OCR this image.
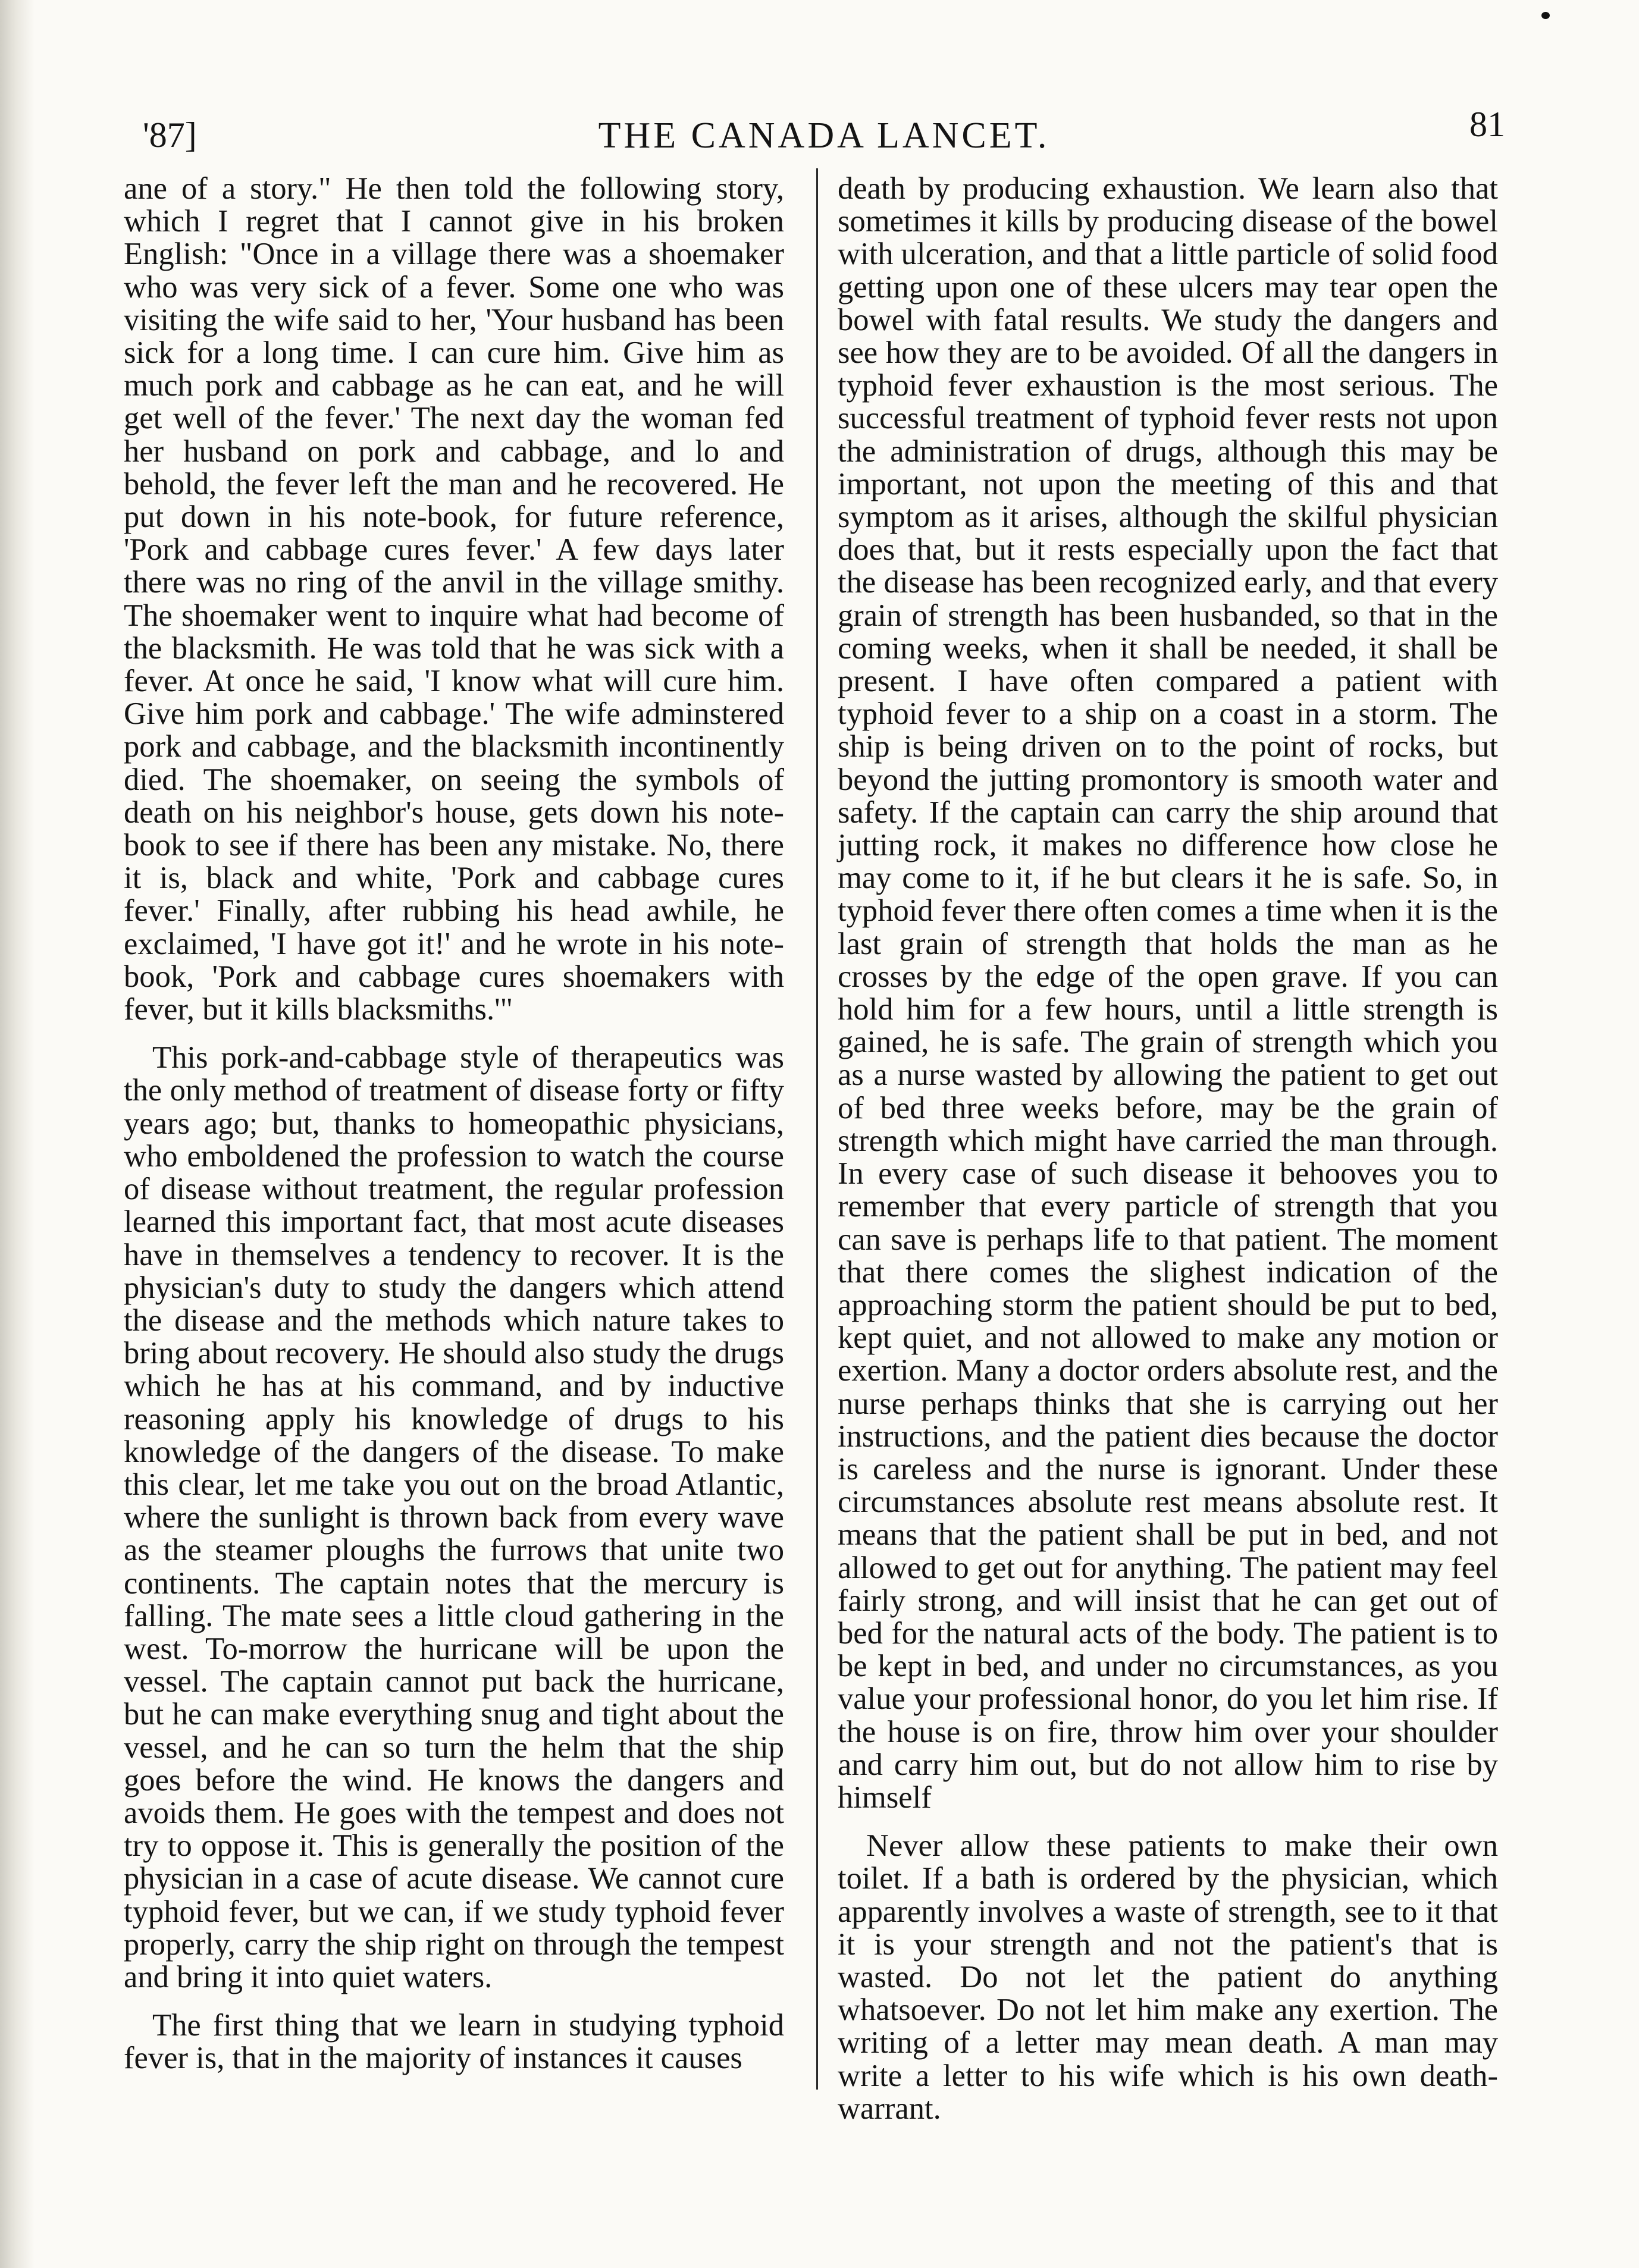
'87]	THE CANADA LANCET.	81

ane of a story." He then told the following story, which I regret that I cannot give in his broken English: "Once in a village there was a shoemaker who was very sick of a fever. Some one who was visiting the wife said to her, 'Your husband has been sick for a long time. I can cure him. Give him as much pork and cabbage as he can eat, and he will get well of the fever.' The next day the woman fed her husband on pork and cabbage, and lo and behold, the fever left the man and he recovered. He put down in his note-book, for future reference, 'Pork and cabbage cures fever.' A few days later there was no ring of the anvil in the village smithy. The shoemaker went to inquire what had become of the blacksmith. He was told that he was sick with a fever. At once he said, 'I know what will cure him. Give him pork and cabbage.' The wife adminstered pork and cabbage, and the blacksmith incontinently died. The shoemaker, on seeing the symbols of death on his neighbor's house, gets down his note-book to see if there has been any mistake. No, there it is, black and white, 'Pork and cabbage cures fever.' Finally, after rubbing his head awhile, he exclaimed, 'I have got it!' and he wrote in his note-book, 'Pork and cabbage cures shoemakers with fever, but it kills blacksmiths.'"

This pork-and-cabbage style of therapeutics was the only method of treatment of disease forty or fifty years ago; but, thanks to homeopathic physicians, who emboldened the profession to watch the course of disease without treatment, the regular profession learned this important fact, that most acute diseases have in themselves a tendency to recover. It is the physician's duty to study the dangers which attend the disease and the methods which nature takes to bring about recovery. He should also study the drugs which he has at his command, and by inductive reasoning apply his knowledge of drugs to his knowledge of the dangers of the disease. To make this clear, let me take you out on the broad Atlantic, where the sunlight is thrown back from every wave as the steamer ploughs the furrows that unite two continents. The captain notes that the mercury is falling. The mate sees a little cloud gathering in the west. To-morrow the hurricane will be upon the vessel. The captain cannot put back the hurricane, but he can make everything snug and tight about the vessel, and he can so turn the helm that the ship goes before the wind. He knows the dangers and avoids them. He goes with the tempest and does not try to oppose it. This is generally the position of the physician in a case of acute disease. We cannot cure typhoid fever, but we can, if we study typhoid fever properly, carry the ship right on through the tempest and bring it into quiet waters.

The first thing that we learn in studying typhoid fever is, that in the majority of instances it causes

death by producing exhaustion. We learn also that sometimes it kills by producing disease of the bowel with ulceration, and that a little particle of solid food getting upon one of these ulcers may tear open the bowel with fatal results. We study the dangers and see how they are to be avoided. Of all the dangers in typhoid fever exhaustion is the most serious. The successful treatment of typhoid fever rests not upon the administration of drugs, although this may be important, not upon the meeting of this and that symptom as it arises, although the skilful physician does that, but it rests especially upon the fact that the disease has been recognized early, and that every grain of strength has been husbanded, so that in the coming weeks, when it shall be needed, it shall be present. I have often compared a patient with typhoid fever to a ship on a coast in a storm. The ship is being driven on to the point of rocks, but beyond the jutting promontory is smooth water and safety. If the captain can carry the ship around that jutting rock, it makes no difference how close he may come to it, if he but clears it he is safe. So, in typhoid fever there often comes a time when it is the last grain of strength that holds the man as he crosses by the edge of the open grave. If you can hold him for a few hours, until a little strength is gained, he is safe. The grain of strength which you as a nurse wasted by allowing the patient to get out of bed three weeks before, may be the grain of strength which might have carried the man through. In every case of such disease it behooves you to remember that every particle of strength that you can save is perhaps life to that patient. The moment that there comes the slighest indication of the approaching storm the patient should be put to bed, kept quiet, and not allowed to make any motion or exertion. Many a doctor orders absolute rest, and the nurse perhaps thinks that she is carrying out her instructions, and the patient dies because the doctor is careless and the nurse is ignorant. Under these circumstances absolute rest means absolute rest. It means that the patient shall be put in bed, and not allowed to get out for anything. The patient may feel fairly strong, and will insist that he can get out of bed for the natural acts of the body. The patient is to be kept in bed, and under no circumstances, as you value your professional honor, do you let him rise. If the house is on fire, throw him over your shoulder and carry him out, but do not allow him to rise by himself

Never allow these patients to make their own toilet. If a bath is ordered by the physician, which apparently involves a waste of strength, see to it that it is your strength and not the patient's that is wasted. Do not let the patient do anything whatsoever. Do not let him make any exertion. The writing of a letter may mean death. A man may write a letter to his wife which is his own death-warrant.
